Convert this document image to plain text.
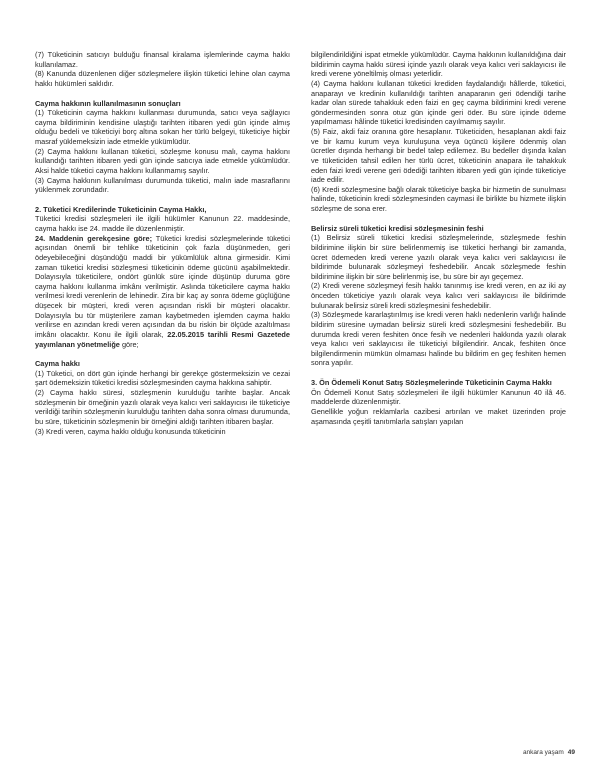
(7) Tüketicinin satıcıyı bulduğu finansal kiralama işlemlerinde cayma hakkı kullanılamaz.

(8) Kanunda düzenlenen diğer sözleşmelere ilişkin tüketici lehine olan cayma hakkı hükümleri saklıdır.

Cayma hakkının kullanılmasının sonuçları

(1) Tüketicinin cayma hakkını kullanması durumunda, satıcı veya sağlayıcı cayma bildiriminin kendisine ulaştığı tarihten itibaren yedi gün içinde almış olduğu bedeli ve tüketiciyi borç altına sokan her türlü belgeyi, tüketiciye hiçbir masraf yüklemeksizin iade etmekle yükümlüdür.

(2) Cayma hakkını kullanan tüketici, sözleşme konusu malı, cayma hakkını kullandığı tarihten itibaren yedi gün içinde satıcıya iade etmekle yükümlüdür. Aksi halde tüketici cayma hakkını kullanmamış sayılır.

(3) Cayma hakkının kullanılması durumunda tüketici, malın iade masraflarını yüklenmek zorundadır.

2. Tüketici Kredilerinde Tüketicinin Cayma Hakkı,

Tüketici kredisi sözleşmeleri ile ilgili hükümler Kanunun 22. maddesinde, cayma hakkı ise 24. madde ile düzenlenmiştir.

24. Maddenin gerekçesine göre; Tüketici kredisi sözleşmelerinde tüketici açısından önemli bir tehlike tüketicinin çok fazla düşünmeden, geri ödeyebileceğini düşündüğü maddi bir yükümlülük altına girmesidir. Kimi zaman tüketici kredisi sözleşmesi tüketicinin ödeme gücünü aşabilmektedir. Dolayısıyla tüketicilere, ondört günlük süre içinde düşünüp duruma göre cayma hakkını kullanma imkânı verilmiştir. Aslında tüketicilere cayma hakkı verilmesi kredi verenlerin de lehinedir. Zira bir kaç ay sonra ödeme güçlüğüne düşecek bir müşteri, kredi veren açısından riskli bir müşteri olacaktır. Dolayısıyla bu tür müşterilere zaman kaybetmeden işlemden cayma hakkı verilirse en azından kredi veren açısından da bu riskin bir ölçüde azaltılması imkânı olacaktır. Konu ile ilgili olarak, 22.05.2015 tarihli Resmi Gazetede yayımlanan yönetmeliğe göre;

Cayma hakkı

(1) Tüketici, on dört gün içinde herhangi bir gerekçe göstermeksizin ve cezai şart ödemeksizin tüketici kredisi sözleşmesinden cayma hakkına sahiptir.

(2) Cayma hakkı süresi, sözleşmenin kurulduğu tarihte başlar. Ancak sözleşmenin bir örneğinin yazılı olarak veya kalıcı veri saklayıcısı ile tüketiciye verildiği tarihin sözleşmenin kurulduğu tarihten daha sonra olması durumunda, bu süre, tüketicinin sözleşmenin bir örneğini aldığı tarihten itibaren başlar.

(3) Kredi veren, cayma hakkı olduğu konusunda tüketicinin

bilgilendirildiğini ispat etmekle yükümlüdür. Cayma hakkının kullanıldığına dair bildirimin cayma hakkı süresi içinde yazılı olarak veya kalıcı veri saklayıcısı ile kredi verene yöneltilmiş olması yeterlidir.

(4) Cayma hakkını kullanan tüketici krediden faydalandığı hâllerde, tüketici, anaparayı ve kredinin kullanıldığı tarihten anaparanın geri ödendiği tarihe kadar olan sürede tahakkuk eden faizi en geç cayma bildirimini kredi verene göndermesinden sonra otuz gün içinde geri öder. Bu süre içinde ödeme yapılmaması hâlinde tüketici kredisinden cayılmamış sayılır.

(5) Faiz, akdi faiz oranına göre hesaplanır. Tüketiciden, hesaplanan akdi faiz ve bir kamu kurum veya kuruluşuna veya üçüncü kişilere ödenmiş olan ücretler dışında herhangi bir bedel talep edilemez. Bu bedeller dışında kalan ve tüketiciden tahsil edilen her türlü ücret, tüketicinin anapara ile tahakkuk eden faizi kredi verene geri ödediği tarihten itibaren yedi gün içinde tüketiciye iade edilir.

(6) Kredi sözleşmesine bağlı olarak tüketiciye başka bir hizmetin de sunulması halinde, tüketicinin kredi sözleşmesinden caymasi ile birlikte bu hizmete ilişkin sözleşme de sona erer.

Belirsiz süreli tüketici kredisi sözleşmesinin feshi

(1) Belirsiz süreli tüketici kredisi sözleşmelerinde, sözleşmede feshin bildirimine ilişkin bir süre belirlenmemiş ise tüketici herhangi bir zamanda, ücret ödemeden kredi verene yazılı olarak veya kalıcı veri saklayıcısı ile bildirimde bulunarak sözleşmeyi feshedebilir. Ancak sözleşmede feshin bildirimine ilişkin bir süre belirlenmiş ise, bu süre bir ayı geçemez.

(2) Kredi verene sözleşmeyi fesih hakkı tanınmış ise kredi veren, en az iki ay önceden tüketiciye yazılı olarak veya kalıcı veri saklayıcısı ile bildirimde bulunarak belirsiz süreli kredi sözleşmesini feshedebilir.

(3) Sözleşmede kararlaştırılmış ise kredi veren haklı nedenlerin varlığı halinde bildirim süresine uymadan belirsiz süreli kredi sözleşmesini feshedebilir. Bu durumda kredi veren feshiten önce fesih ve nedenleri hakkında yazılı olarak veya kalıcı veri saklayıcısı ile tüketiciyi bilgilendirir. Ancak, feshiten önce bilgilendirmenin mümkün olmaması halinde bu bildirim en geç feshiten hemen sonra yapılır.

3. Ön Ödemeli Konut Satış Sözleşmelerinde Tüketicinin Cayma Hakkı

Ön Ödemeli Konut Satış sözleşmeleri ile ilgili hükümler Kanunun 40 ilâ 46. maddelerde düzenlenmiştir.

Genellikle yoğun reklamlarla cazibesi artırılan ve maket üzerinden proje aşamasında çeşitli tanıtımlarla satışları yapılan

ankara yaşam 49
